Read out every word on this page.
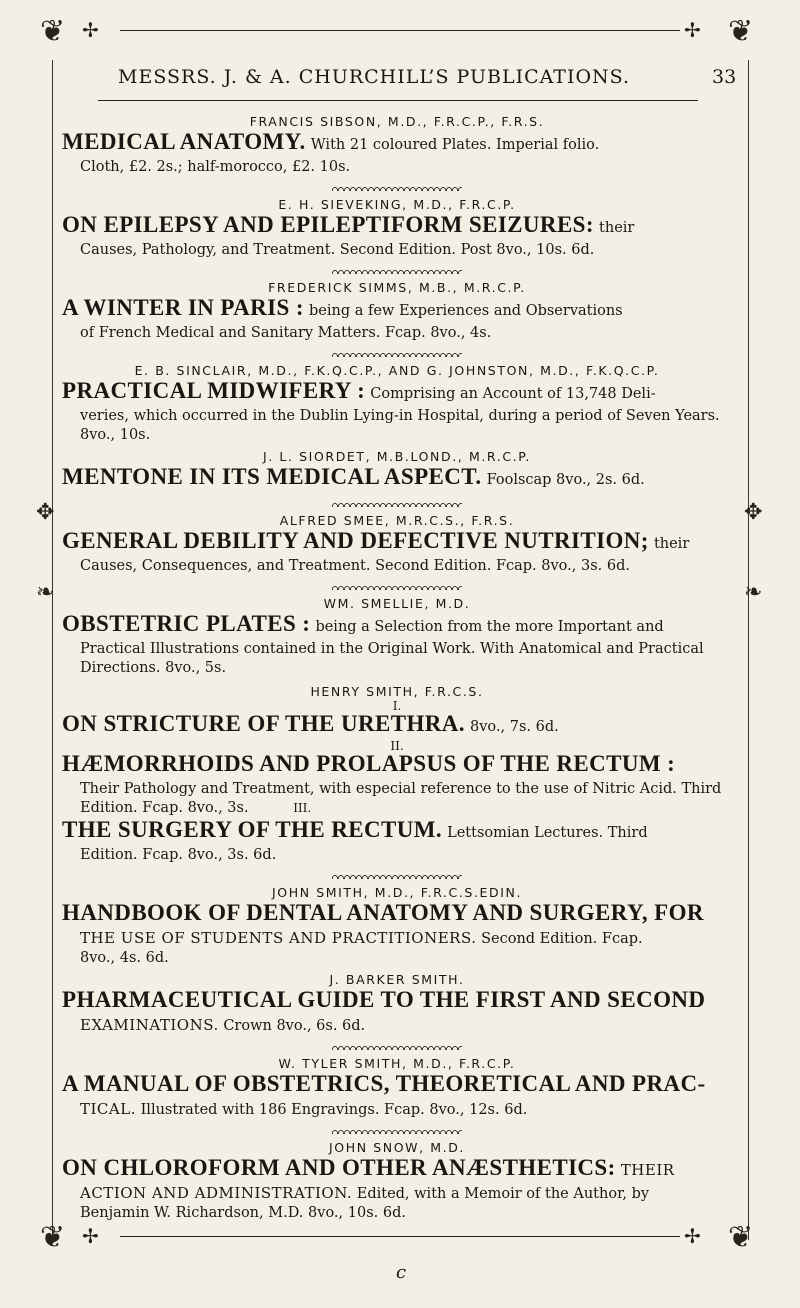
❦	❦
✢	✢
✥	✥
❧	❧
MESSRS. J. & A. CHURCHILL’S PUBLICATIONS.	33

FRANCIS SIBSON, M.D., F.R.C.P., F.R.S.

MEDICAL ANATOMY. With 21 coloured Plates. Imperial folio.

Cloth, £2. 2s.; half-morocco, £2. 10s.

E. H. SIEVEKING, M.D., F.R.C.P.

ON EPILEPSY AND EPILEPTIFORM SEIZURES: their

Causes, Pathology, and Treatment. Second Edition. Post 8vo., 10s. 6d.

FREDERICK SIMMS, M.B., M.R.C.P.

A WINTER IN PARIS : being a few Experiences and Observations

of French Medical and Sanitary Matters. Fcap. 8vo., 4s.

E. B. SINCLAIR, M.D., F.K.Q.C.P., AND G. JOHNSTON, M.D., F.K.Q.C.P.

PRACTICAL MIDWIFERY : Comprising an Account of 13,748 Deli-

veries, which occurred in the Dublin Lying-in Hospital, during a period of Seven Years.

8vo., 10s.

J. L. SIORDET, M.B.LOND., M.R.C.P.

MENTONE IN ITS MEDICAL ASPECT. Foolscap 8vo., 2s. 6d.

ALFRED SMEE, M.R.C.S., F.R.S.

GENERAL DEBILITY AND DEFECTIVE NUTRITION; their

Causes, Consequences, and Treatment. Second Edition. Fcap. 8vo., 3s. 6d.

WM. SMELLIE, M.D.

OBSTETRIC PLATES : being a Selection from the more Important and

Practical Illustrations contained in the Original Work. With Anatomical and Practical

Directions. 8vo., 5s.

HENRY SMITH, F.R.C.S.

I.

ON STRICTURE OF THE URETHRA. 8vo., 7s. 6d.

II.

HÆMORRHOIDS AND PROLAPSUS OF THE RECTUM :

Their Pathology and Treatment, with especial reference to the use of Nitric Acid. Third

Edition. Fcap. 8vo., 3s.	III.

THE SURGERY OF THE RECTUM. Lettsomian Lectures. Third

Edition. Fcap. 8vo., 3s. 6d.

JOHN SMITH, M.D., F.R.C.S.EDIN.

HANDBOOK OF DENTAL ANATOMY AND SURGERY, FOR

THE USE OF STUDENTS AND PRACTITIONERS. Second Edition. Fcap.

8vo., 4s. 6d.

J. BARKER SMITH.

PHARMACEUTICAL GUIDE TO THE FIRST AND SECOND

EXAMINATIONS. Crown 8vo., 6s. 6d.

W. TYLER SMITH, M.D., F.R.C.P.

A MANUAL OF OBSTETRICS, THEORETICAL AND PRAC-

TICAL. Illustrated with 186 Engravings. Fcap. 8vo., 12s. 6d.

JOHN SNOW, M.D.

ON CHLOROFORM AND OTHER ANÆSTHETICS: THEIR

ACTION AND ADMINISTRATION. Edited, with a Memoir of the Author, by

Benjamin W. Richardson, M.D. 8vo., 10s. 6d.

❦	❦
✢	✢
c
